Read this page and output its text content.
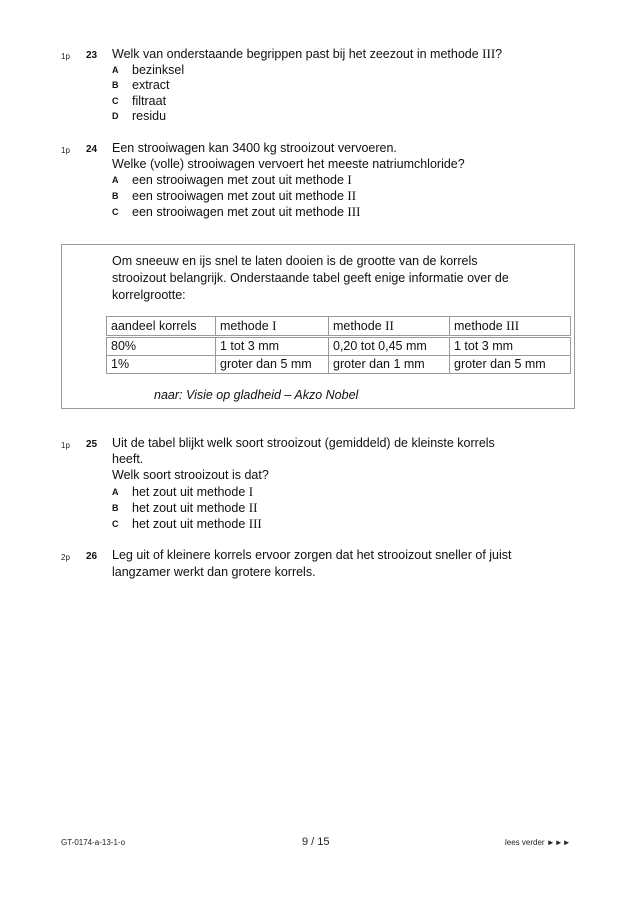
1p 23 Welk van onderstaande begrippen past bij het zeezout in methode III?
A bezinksel
B extract
C filtraat
D residu
1p 24 Een strooiwagen kan 3400 kg strooizout vervoeren.
Welke (volle) strooiwagen vervoert het meeste natriumchloride?
A een strooiwagen met zout uit methode I
B een strooiwagen met zout uit methode II
C een strooiwagen met zout uit methode III
Om sneeuw en ijs snel te laten dooien is de grootte van de korrels
strooizout belangrijk. Onderstaande tabel geeft enige informatie over de
korrelgrootte:
aandeel korrels	methode I	methode II	methode III
80%	1 tot 3 mm	0,20 tot 0,45 mm	1 tot 3 mm
1%	groter dan 5 mm	groter dan 1 mm	groter dan 5 mm
naar: Visie op gladheid – Akzo Nobel
1p 25 Uit de tabel blijkt welk soort strooizout (gemiddeld) de kleinste korrels
heeft.
Welk soort strooizout is dat?
A het zout uit methode I
B het zout uit methode II
C het zout uit methode III
2p 26 Leg uit of kleinere korrels ervoor zorgen dat het strooizout sneller of juist
langzamer werkt dan grotere korrels.
GT-0174-a-13-1-o	9 / 15	lees verder ►►►
